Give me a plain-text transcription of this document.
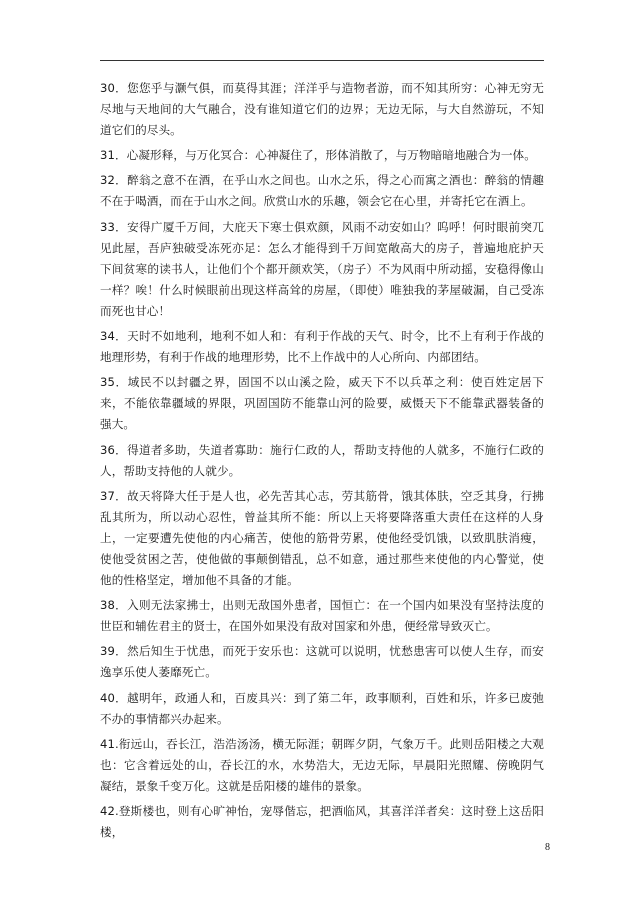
30．您您乎与灏气俱，而莫得其涯；洋洋乎与造物者游，而不知其所穷：心神无穷无尽地与天地间的大气融合，没有谁知道它们的边界；无边无际，与大自然游玩，不知道它们的尽头。

31．心凝形释，与万化冥合：心神凝住了，形体消散了，与万物暗暗地融合为一体。

32．醉翁之意不在酒，在乎山水之间也。山水之乐，得之心而寓之酒也：醉翁的情趣不在于喝酒，而在于山水之间。欣赏山水的乐趣，领会它在心里，并寄托它在酒上。

33．安得广厦千万间，大庇天下寒士俱欢颜，风雨不动安如山？呜呼！何时眼前突兀见此屋，吾庐独破受冻死亦足：怎么才能得到千万间宽敞高大的房子，普遍地庇护天下间贫寒的读书人，让他们个个都开颜欢笑，（房子）不为风雨中所动摇，安稳得像山一样？唉！什么时候眼前出现这样高耸的房屋，（即使）唯独我的茅屋破漏，自己受冻而死也甘心！

34．天时不如地利，地利不如人和：有利于作战的天气、时令，比不上有利于作战的地理形势，有利于作战的地理形势，比不上作战中的人心所向、内部团结。

35．域民不以封疆之界，固国不以山溪之险，威天下不以兵革之利：使百姓定居下来，不能依靠疆域的界限，巩固国防不能靠山河的险要，威慑天下不能靠武器装备的强大。

36．得道者多助，失道者寡助：施行仁政的人，帮助支持他的人就多，不施行仁政的人，帮助支持他的人就少。

37．故天将降大任于是人也，必先苦其心志，劳其筋骨，饿其体肤，空乏其身，行拂乱其所为，所以动心忍性，曾益其所不能：所以上天将要降落重大责任在这样的人身上，一定要遭先使他的内心痛苦，使他的筋骨劳累，使他经受饥饿，以致肌肤消瘦，使他受贫困之苦，使他做的事颠倒错乱，总不如意，通过那些来使他的内心警觉，使他的性格坚定，增加他不具备的才能。

38．入则无法家拂士，出则无敌国外患者，国恒亡：在一个国内如果没有坚持法度的世臣和辅佐君主的贤士，在国外如果没有敌对国家和外患，便经常导致灭亡。

39．然后知生于忧患，而死于安乐也：这就可以说明，忧愁患害可以使人生存，而安逸享乐使人萎靡死亡。

40．越明年，政通人和，百废具兴：到了第二年，政事顺利，百姓和乐，许多已废弛不办的事情都兴办起来。

41.衔远山，吞长江，浩浩汤汤，横无际涯；朝晖夕阴，气象万千。此则岳阳楼之大观也：它含着远处的山，吞长江的水，水势浩大，无边无际，早晨阳光照耀、傍晚阴气凝结，景象千变万化。这就是岳阳楼的雄伟的景象。

42.登斯楼也，则有心旷神怡，宠辱偕忘，把酒临风，其喜洋洋者矣：这时登上这岳阳楼，

8
